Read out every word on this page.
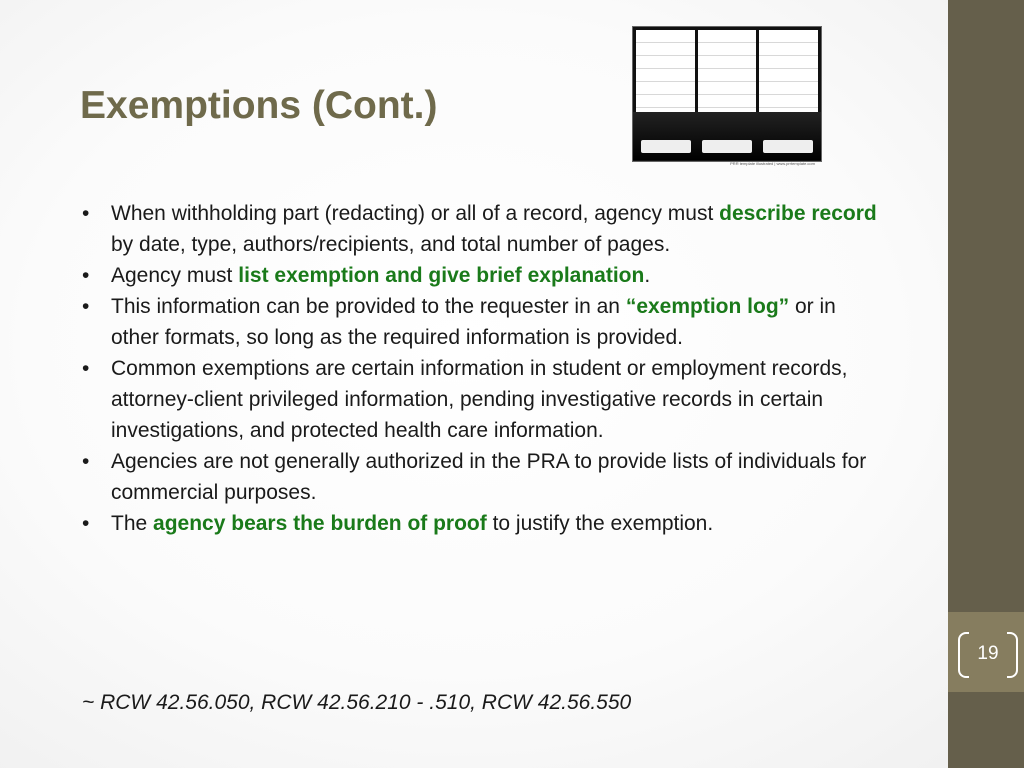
19
Exemptions (Cont.)
PRR template illustrated | www.prrtemplate.com
• When withholding part (redacting) or all of a record, agency must describe record by date, type, authors/recipients, and total number of pages.
• Agency must list exemption and give brief explanation.
• This information can be provided to the requester in an “exemption log” or in other formats, so long as the required information is provided.
• Common exemptions are certain information in student or employment records, attorney-client privileged information, pending investigative records in certain investigations, and protected health care information.
• Agencies are not generally authorized in the PRA to provide lists of individuals for commercial purposes.
• The agency bears the burden of proof to justify the exemption.

~ RCW 42.56.050, RCW 42.56.210 - .510, RCW 42.56.550
